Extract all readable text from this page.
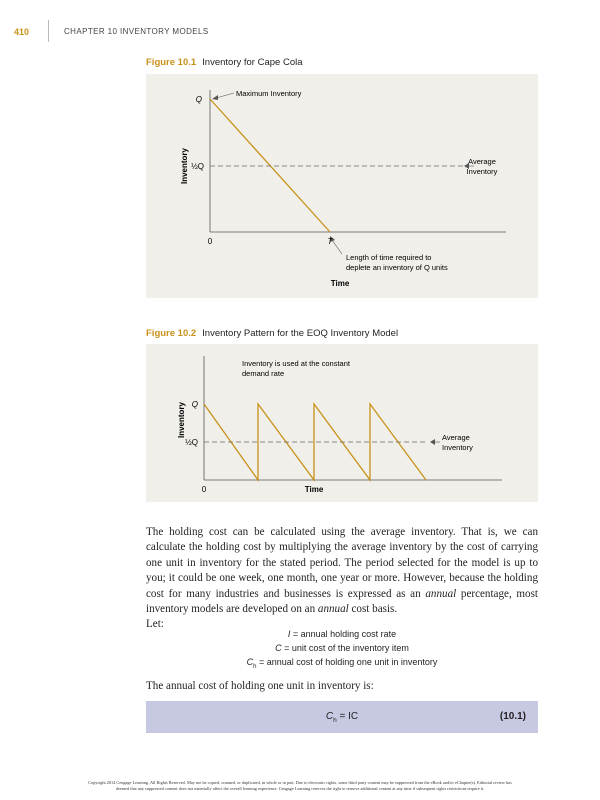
410	CHAPTER 10 INVENTORY MODELS
Figure 10.1 Inventory for Cape Cola
Q
½Q
0	T
Maximum Inventory
Average
Inventory
Length of time required to
deplete an inventory of Q units
Time
Inventory
Figure 10.2 Inventory Pattern for the EOQ Inventory Model
Inventory is used at the constant
demand rate
Q
½Q
0	Time
Average
Inventory
Inventory

The holding cost can be calculated using the average inventory. That is, we can calculate the holding cost by multiplying the average inventory by the cost of carrying one unit in inventory for the stated period. The period selected for the model is up to you; it could be one week, one month, one year or more. However, because the holding cost for many industries and businesses is expressed as an annual percentage, most inventory models are developed on an annual cost basis.
Let:

I = annual holding cost rate
C = unit cost of the inventory item
$C_h$ = annual cost of holding one unit in inventory
The annual cost of holding one unit in inventory is:
$C_h$ = IC	(10.1)
Copyright 2014 Cengage Learning. All Rights Reserved. May not be copied, scanned, or duplicated, in whole or in part. Due to electronic rights, some third party content may be suppressed from the eBook and/or eChapter(s). Editorial review has
deemed that any suppressed content does not materially affect the overall learning experience. Cengage Learning reserves the right to remove additional content at any time if subsequent rights restrictions require it.
